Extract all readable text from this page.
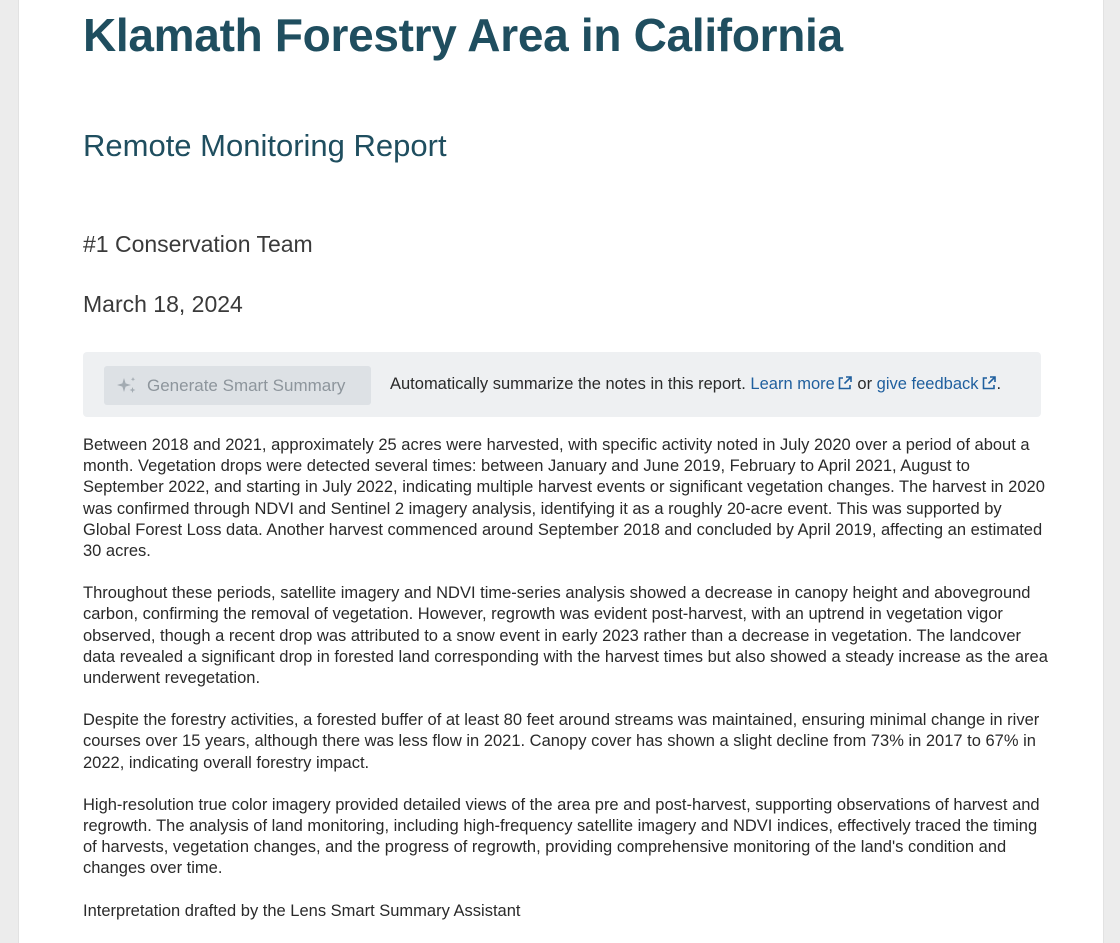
Klamath Forestry Area in California
Remote Monitoring Report
#1 Conservation Team
March 18, 2024
Generate Smart Summary	Automatically summarize the notes in this report. Learn more or give feedback .

Between 2018 and 2021, approximately 25 acres were harvested, with specific activity noted in July 2020 over a period of about a month. Vegetation drops were detected several times: between January and June 2019, February to April 2021, August to September 2022, and starting in July 2022, indicating multiple harvest events or significant vegetation changes. The harvest in 2020 was confirmed through NDVI and Sentinel 2 imagery analysis, identifying it as a roughly 20-acre event. This was supported by Global Forest Loss data. Another harvest commenced around September 2018 and concluded by April 2019, affecting an estimated 30 acres.

Throughout these periods, satellite imagery and NDVI time-series analysis showed a decrease in canopy height and aboveground carbon, confirming the removal of vegetation. However, regrowth was evident post-harvest, with an uptrend in vegetation vigor observed, though a recent drop was attributed to a snow event in early 2023 rather than a decrease in vegetation. The landcover data revealed a significant drop in forested land corresponding with the harvest times but also showed a steady increase as the area underwent revegetation.

Despite the forestry activities, a forested buffer of at least 80 feet around streams was maintained, ensuring minimal change in river courses over 15 years, although there was less flow in 2021. Canopy cover has shown a slight decline from 73% in 2017 to 67% in 2022, indicating overall forestry impact.

High-resolution true color imagery provided detailed views of the area pre and post-harvest, supporting observations of harvest and regrowth. The analysis of land monitoring, including high-frequency satellite imagery and NDVI indices, effectively traced the timing of harvests, vegetation changes, and the progress of regrowth, providing comprehensive monitoring of the land's condition and changes over time.

Interpretation drafted by the Lens Smart Summary Assistant
